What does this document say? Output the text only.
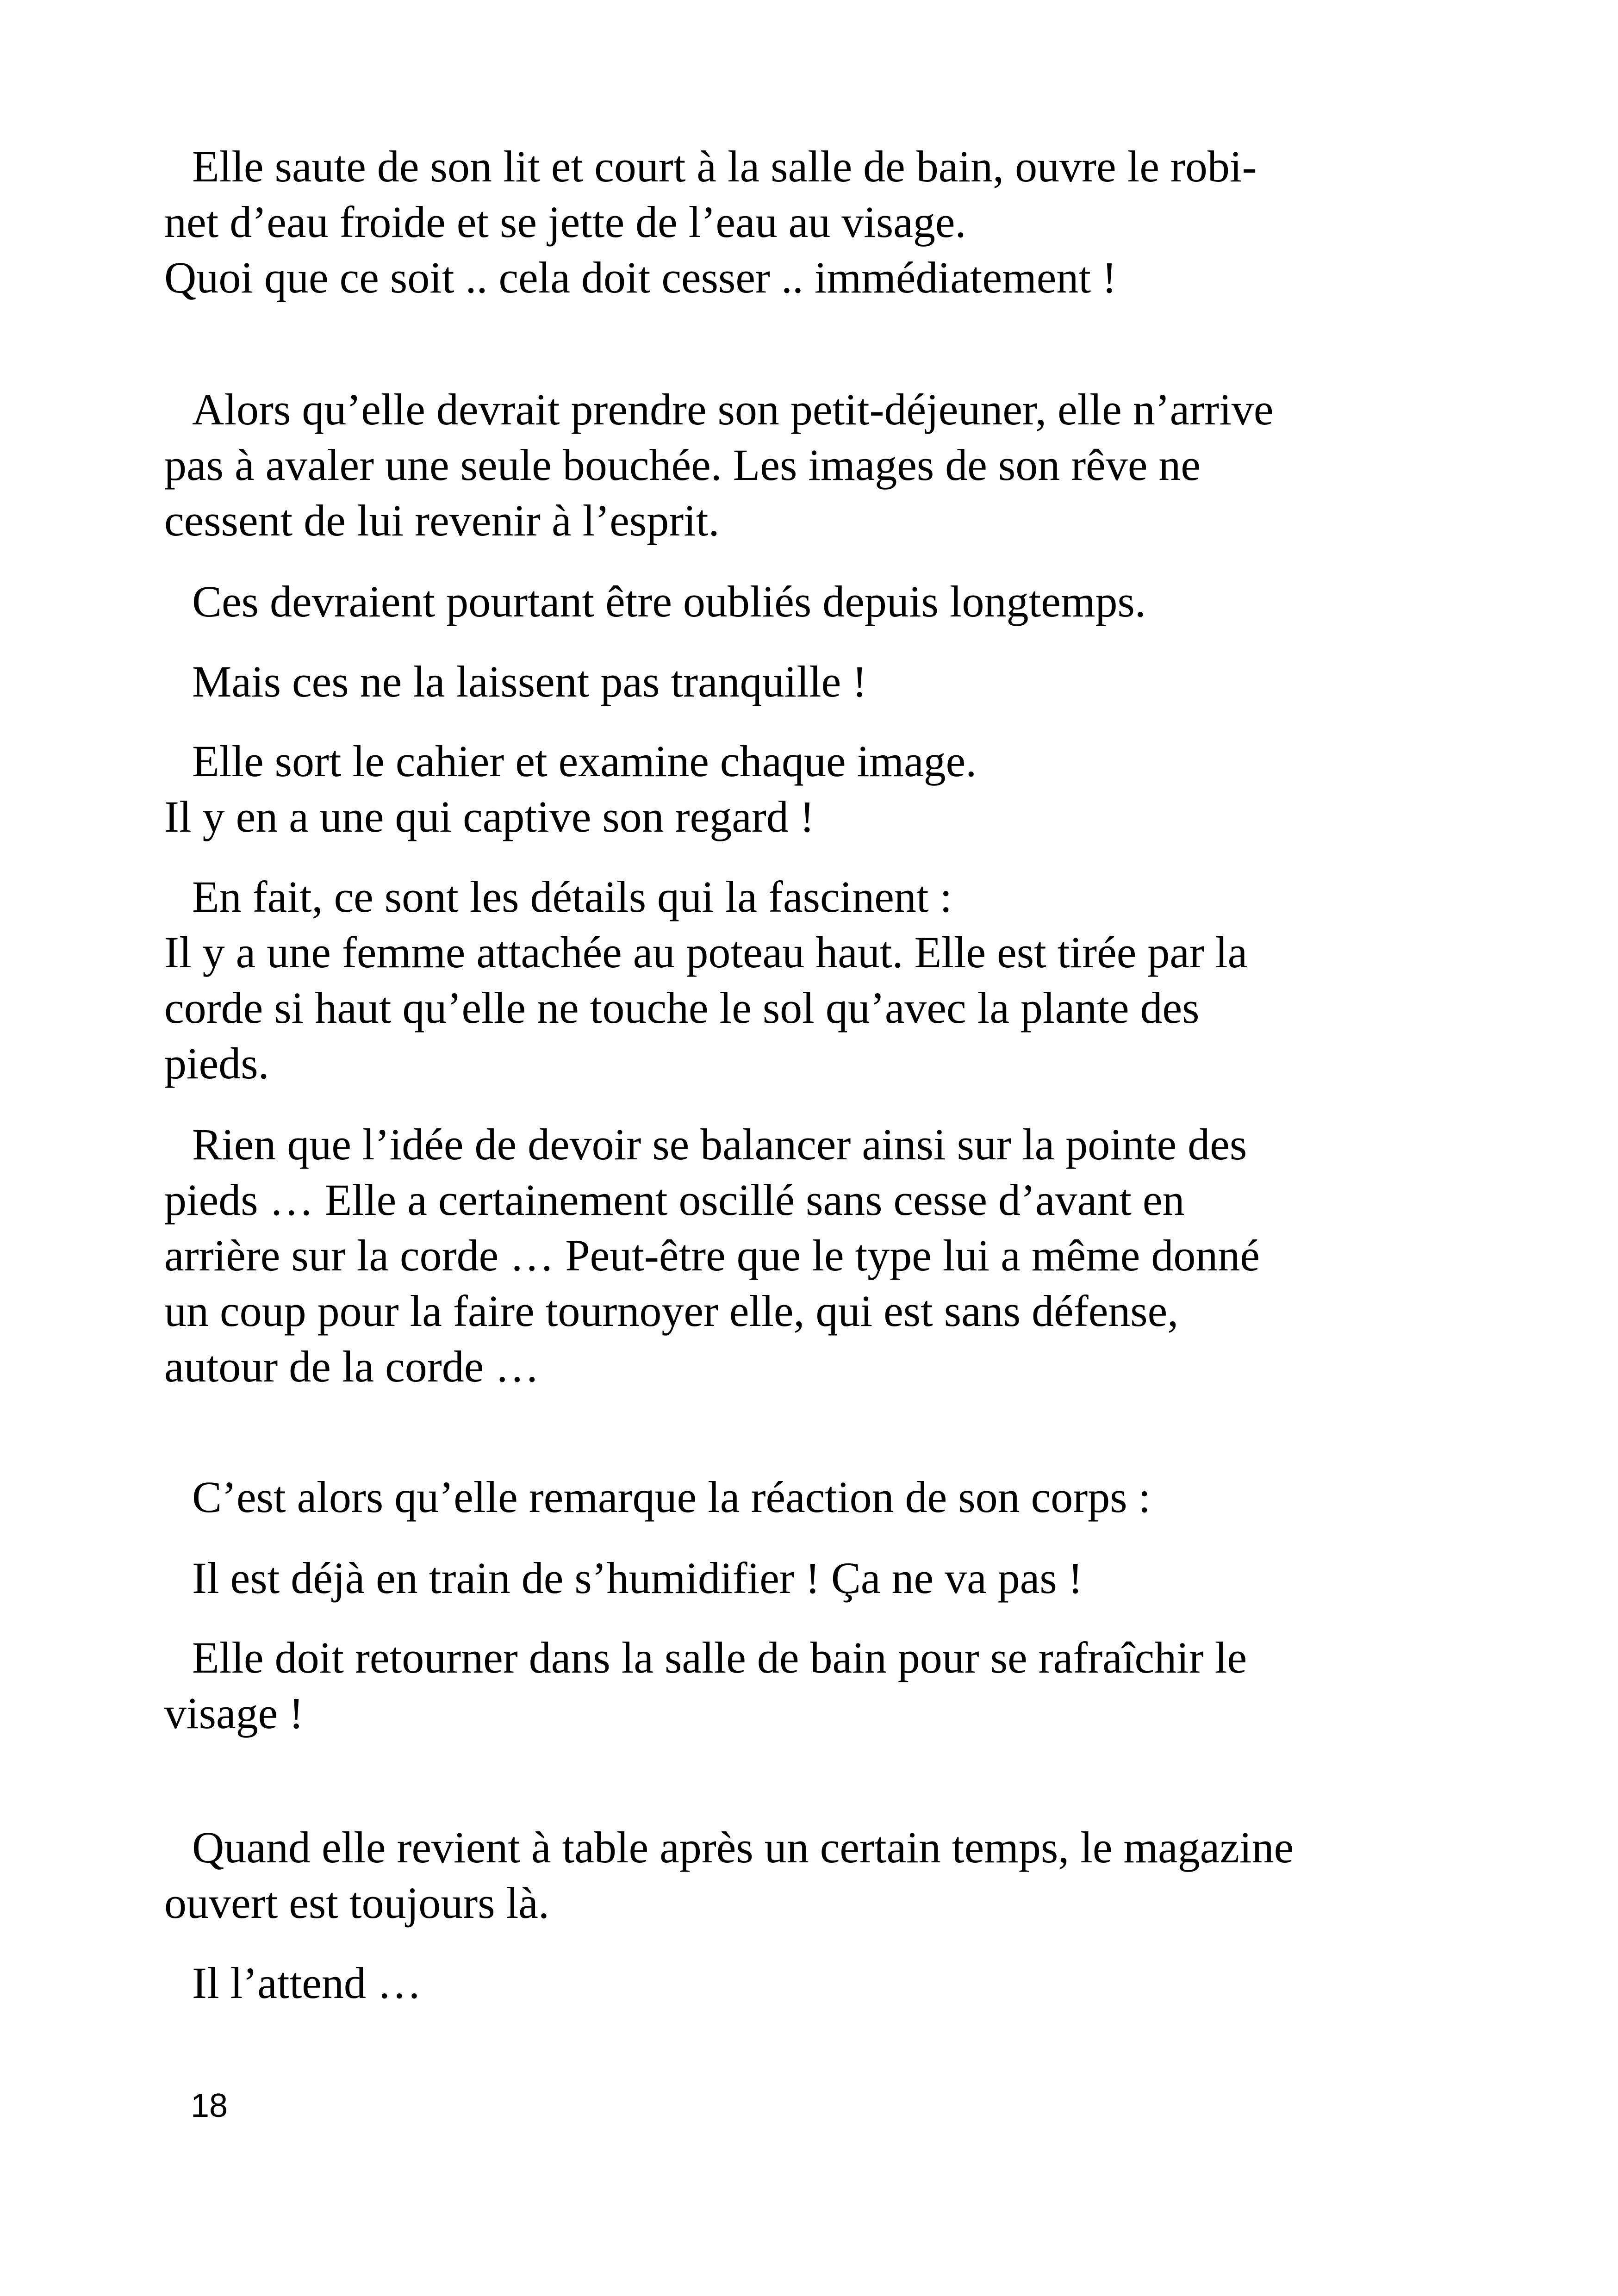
Elle saute de son lit et court à la salle de bain, ouvre le robi-
net d’eau froide et se jette de l’eau au visage.
Quoi que ce soit .. cela doit cesser .. immédiatement !
Alors qu’elle devrait prendre son petit-déjeuner, elle n’arrive
pas à avaler une seule bouchée. Les images de son rêve ne
cessent de lui revenir à l’esprit.
Ces devraient pourtant être oubliés depuis longtemps.
Mais ces ne la laissent pas tranquille !
Elle sort le cahier et examine chaque image.
Il y en a une qui captive son regard !
En fait, ce sont les détails qui la fascinent :
Il y a une femme attachée au poteau haut. Elle est tirée par la
corde si haut qu’elle ne touche le sol qu’avec la plante des
pieds.
Rien que l’idée de devoir se balancer ainsi sur la pointe des
pieds … Elle a certainement oscillé sans cesse d’avant en
arrière sur la corde … Peut-être que le type lui a même donné
un coup pour la faire tournoyer elle, qui est sans défense,
autour de la corde …
C’est alors qu’elle remarque la réaction de son corps :
Il est déjà en train de s’humidifier ! Ça ne va pas !
Elle doit retourner dans la salle de bain pour se rafraîchir le
visage !
Quand elle revient à table après un certain temps, le magazine
ouvert est toujours là.
Il l’attend …
18
